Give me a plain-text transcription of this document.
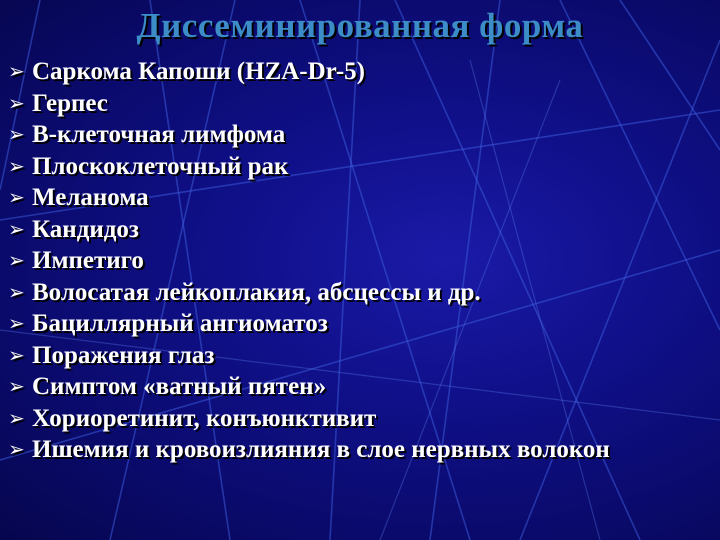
Диссеминированная форма
➢ Саркома Капоши (HZA-Dr-5)
➢ Герпес
➢ В-клеточная лимфома
➢ Плоскоклеточный рак
➢ Меланома
➢ Кандидоз
➢ Импетиго
➢ Волосатая лейкоплакия, абсцессы и др.
➢ Бациллярный ангиоматоз
➢ Поражения глаз
➢ Симптом «ватный пятен»
➢ Хориоретинит, конъюнктивит
➢ Ишемия и кровоизлияния в слое нервных волокон
